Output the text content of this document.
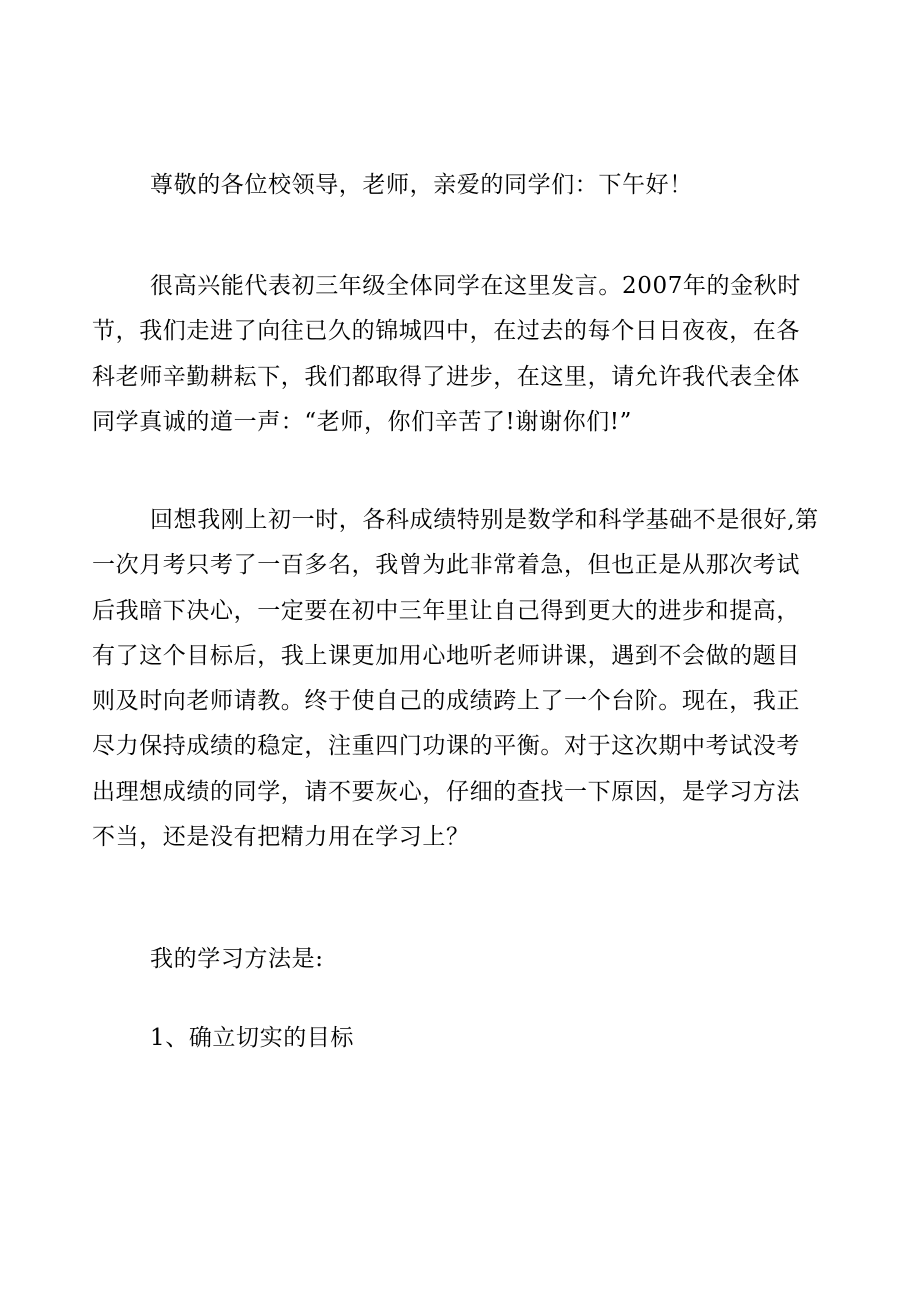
尊敬的各位校领导，老师，亲爱的同学们：下午好！

很高兴能代表初三年级全体同学在这里发言。2007年的金秋时
节，我们走进了向往已久的锦城四中，在过去的每个日日夜夜，在各
科老师辛勤耕耘下，我们都取得了进步，在这里，请允许我代表全体
同学真诚的道一声：“老师，你们辛苦了!谢谢你们!”

回想我刚上初一时，各科成绩特别是数学和科学基础不是很好,第
一次月考只考了一百多名，我曾为此非常着急，但也正是从那次考试
后我暗下决心，一定要在初中三年里让自己得到更大的进步和提高，
有了这个目标后，我上课更加用心地听老师讲课，遇到不会做的题目
则及时向老师请教。终于使自己的成绩跨上了一个台阶。现在，我正
尽力保持成绩的稳定，注重四门功课的平衡。对于这次期中考试没考
出理想成绩的同学，请不要灰心，仔细的查找一下原因，是学习方法
不当，还是没有把精力用在学习上？

我的学习方法是:

1、确立切实的目标
